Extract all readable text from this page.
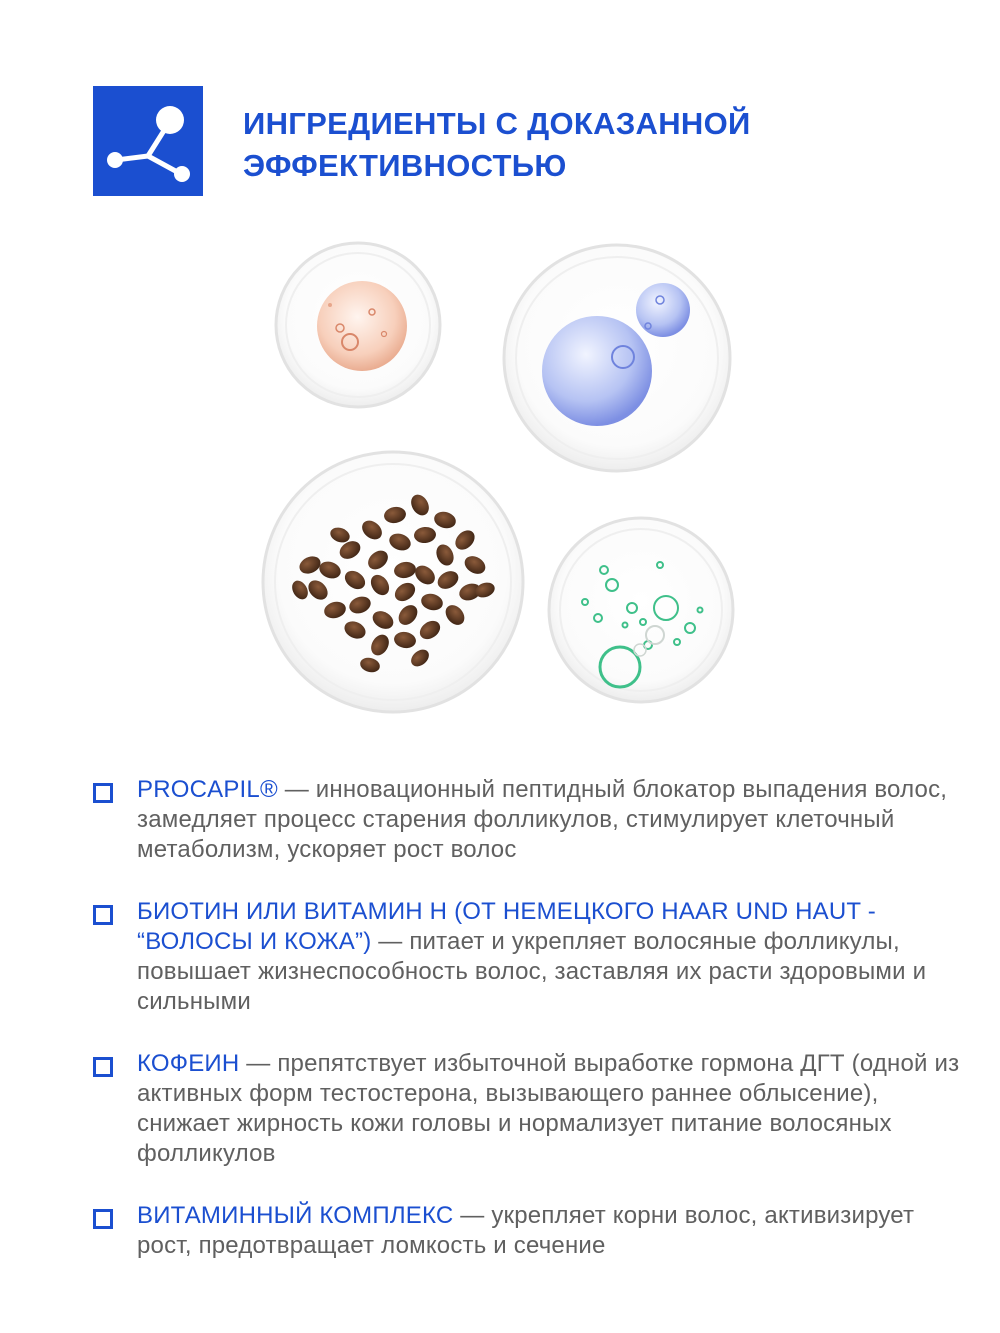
ИНГРЕДИЕНТЫ С ДОКАЗАННОЙ
ЭФФЕКТИВНОСТЬЮ
PROCAPIL® — инновационный пептидный блокатор выпадения волос, замедляет процесс старения фолликулов, стимулирует клеточный метаболизм, ускоряет рост волос
БИОТИН ИЛИ ВИТАМИН H (ОТ НЕМЕЦКОГО HAAR UND HAUT - “ВОЛОСЫ И КОЖА”) — питает и укрепляет волосяные фолликулы, повышает жизнеспособность волос, заставляя их расти здоровыми и сильными
КОФЕИН — препятствует избыточной выработке гормона ДГТ (одной из активных форм тестостерона, вызывающего раннее облысение), снижает жирность кожи головы и нормализует питание волосяных фолликулов
ВИТАМИННЫЙ КОМПЛЕКС — укрепляет корни волос, активизирует рост, предотвращает ломкость и сечение
